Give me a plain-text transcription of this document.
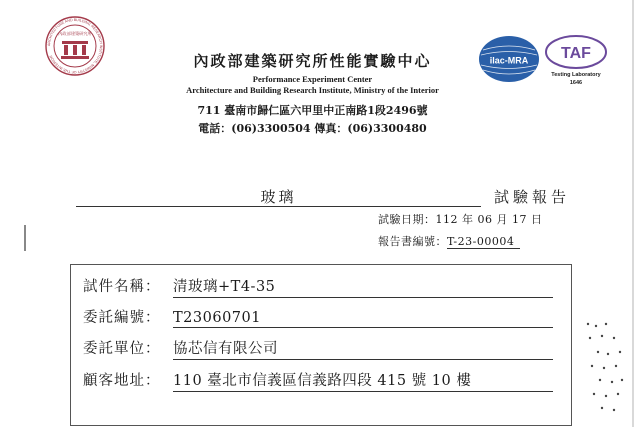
ARCHITECTURE AND BUILDING RESEARCH INSTITUTE, MINISTRY OF THE INTERIOR
內政部建築研究所
內政部建築研究所性能實驗中心
Performance Experiment Center
Architecture and Building Research Institute, Ministry of the Interior
711 臺南市歸仁區六甲里中正南路1段2496號
電話：(06)3300504 傳真：(06)3300480
ilac-MRA TAF
Testing Laboratory
1646
玻璃	試驗報告
試驗日期：112 年 06 月 17 日
報告書編號：T-23-00004
試件名稱： 清玻璃+T4-35
委託編號： T23060701
委託單位： 協芯信有限公司
顧客地址： 110 臺北市信義區信義路四段 415 號 10 樓
